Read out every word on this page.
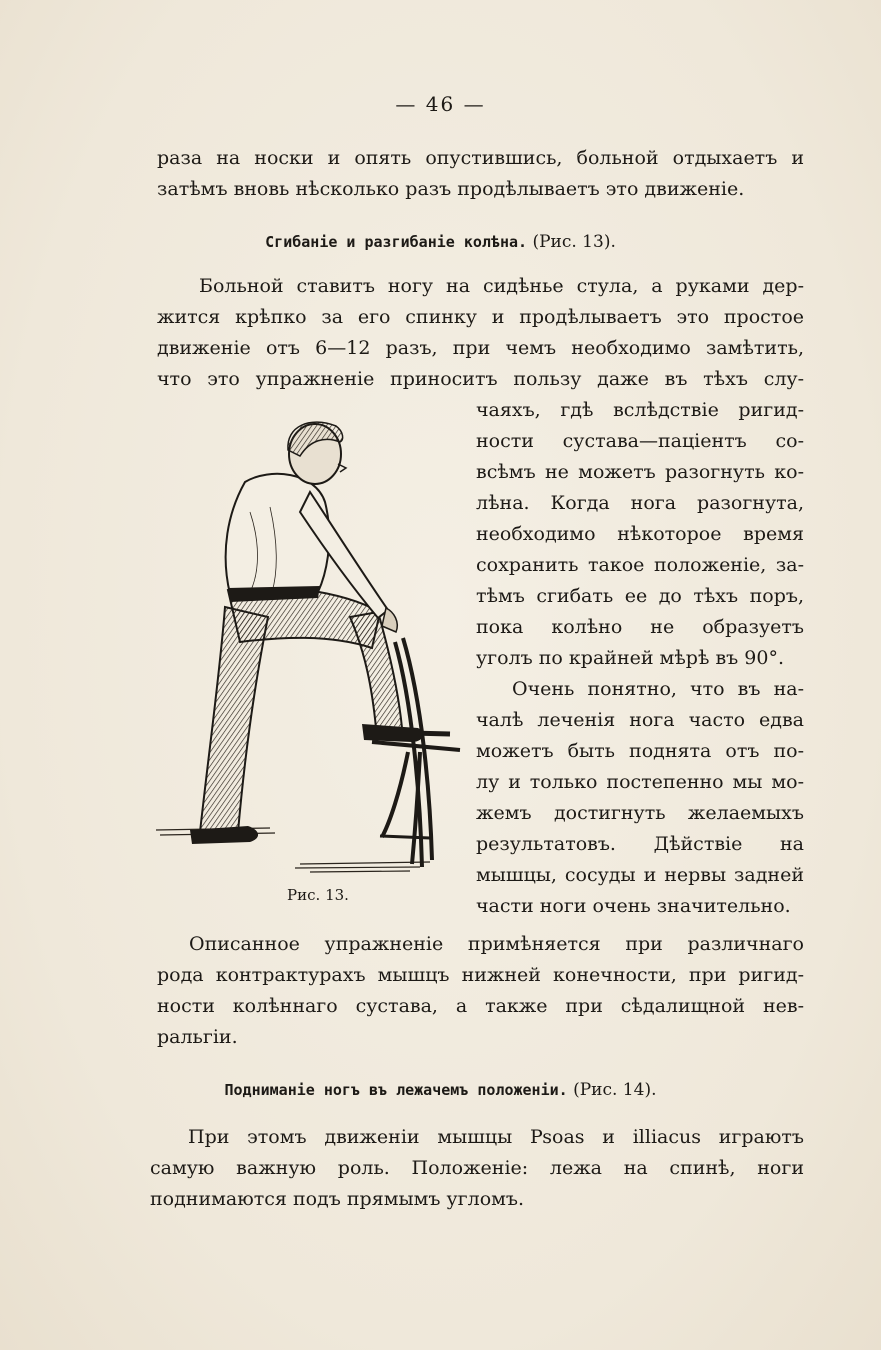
— 46 —
раза на носки и опять опустившись, больной отдыхаетъ и
затѣмъ вновь нѣсколько разъ продѣлываетъ это движеніе.
Сгибаніе и разгибаніе колѣна. (Рис. 13).
Больной ставитъ ногу на сидѣнье стула, а руками дер-
жится крѣпко за его спинку и продѣлываетъ это простое
движеніе отъ 6—12 разъ, при чемъ необходимо замѣтить,
что это упражненіе приноситъ пользу даже въ тѣхъ слу-
чаяхъ, гдѣ вслѣдствіе ригид-
ности сустава—паціентъ со-
всѣмъ не можетъ разогнуть ко-
лѣна. Когда нога разогнута,
необходимо нѣкоторое время
сохранить такое положеніе, за-
тѣмъ сгибать ее до тѣхъ поръ,
пока колѣно не образуетъ
уголъ по крайней мѣрѣ въ 90°.
Очень понятно, что въ на-
чалѣ леченія нога часто едва
можетъ быть поднята отъ по-
лу и только постепенно мы мо-
жемъ достигнуть желаемыхъ
результатовъ. Дѣйствіе на
мышцы, сосуды и нервы задней
части ноги очень значительно.
Рис. 13.
Описанное упражненіе примѣняется при различнаго
рода контрактурахъ мышцъ нижней конечности, при ригид-
ности колѣннаго сустава, а также при сѣдалищной нев-
ральгіи.
Подниманіе ногъ въ лежачемъ положеніи. (Рис. 14).
При этомъ движеніи мышцы Psoas и illiacus играютъ
самую важную роль. Положеніе: лежа на спинѣ, ноги
поднимаются подъ прямымъ угломъ.
